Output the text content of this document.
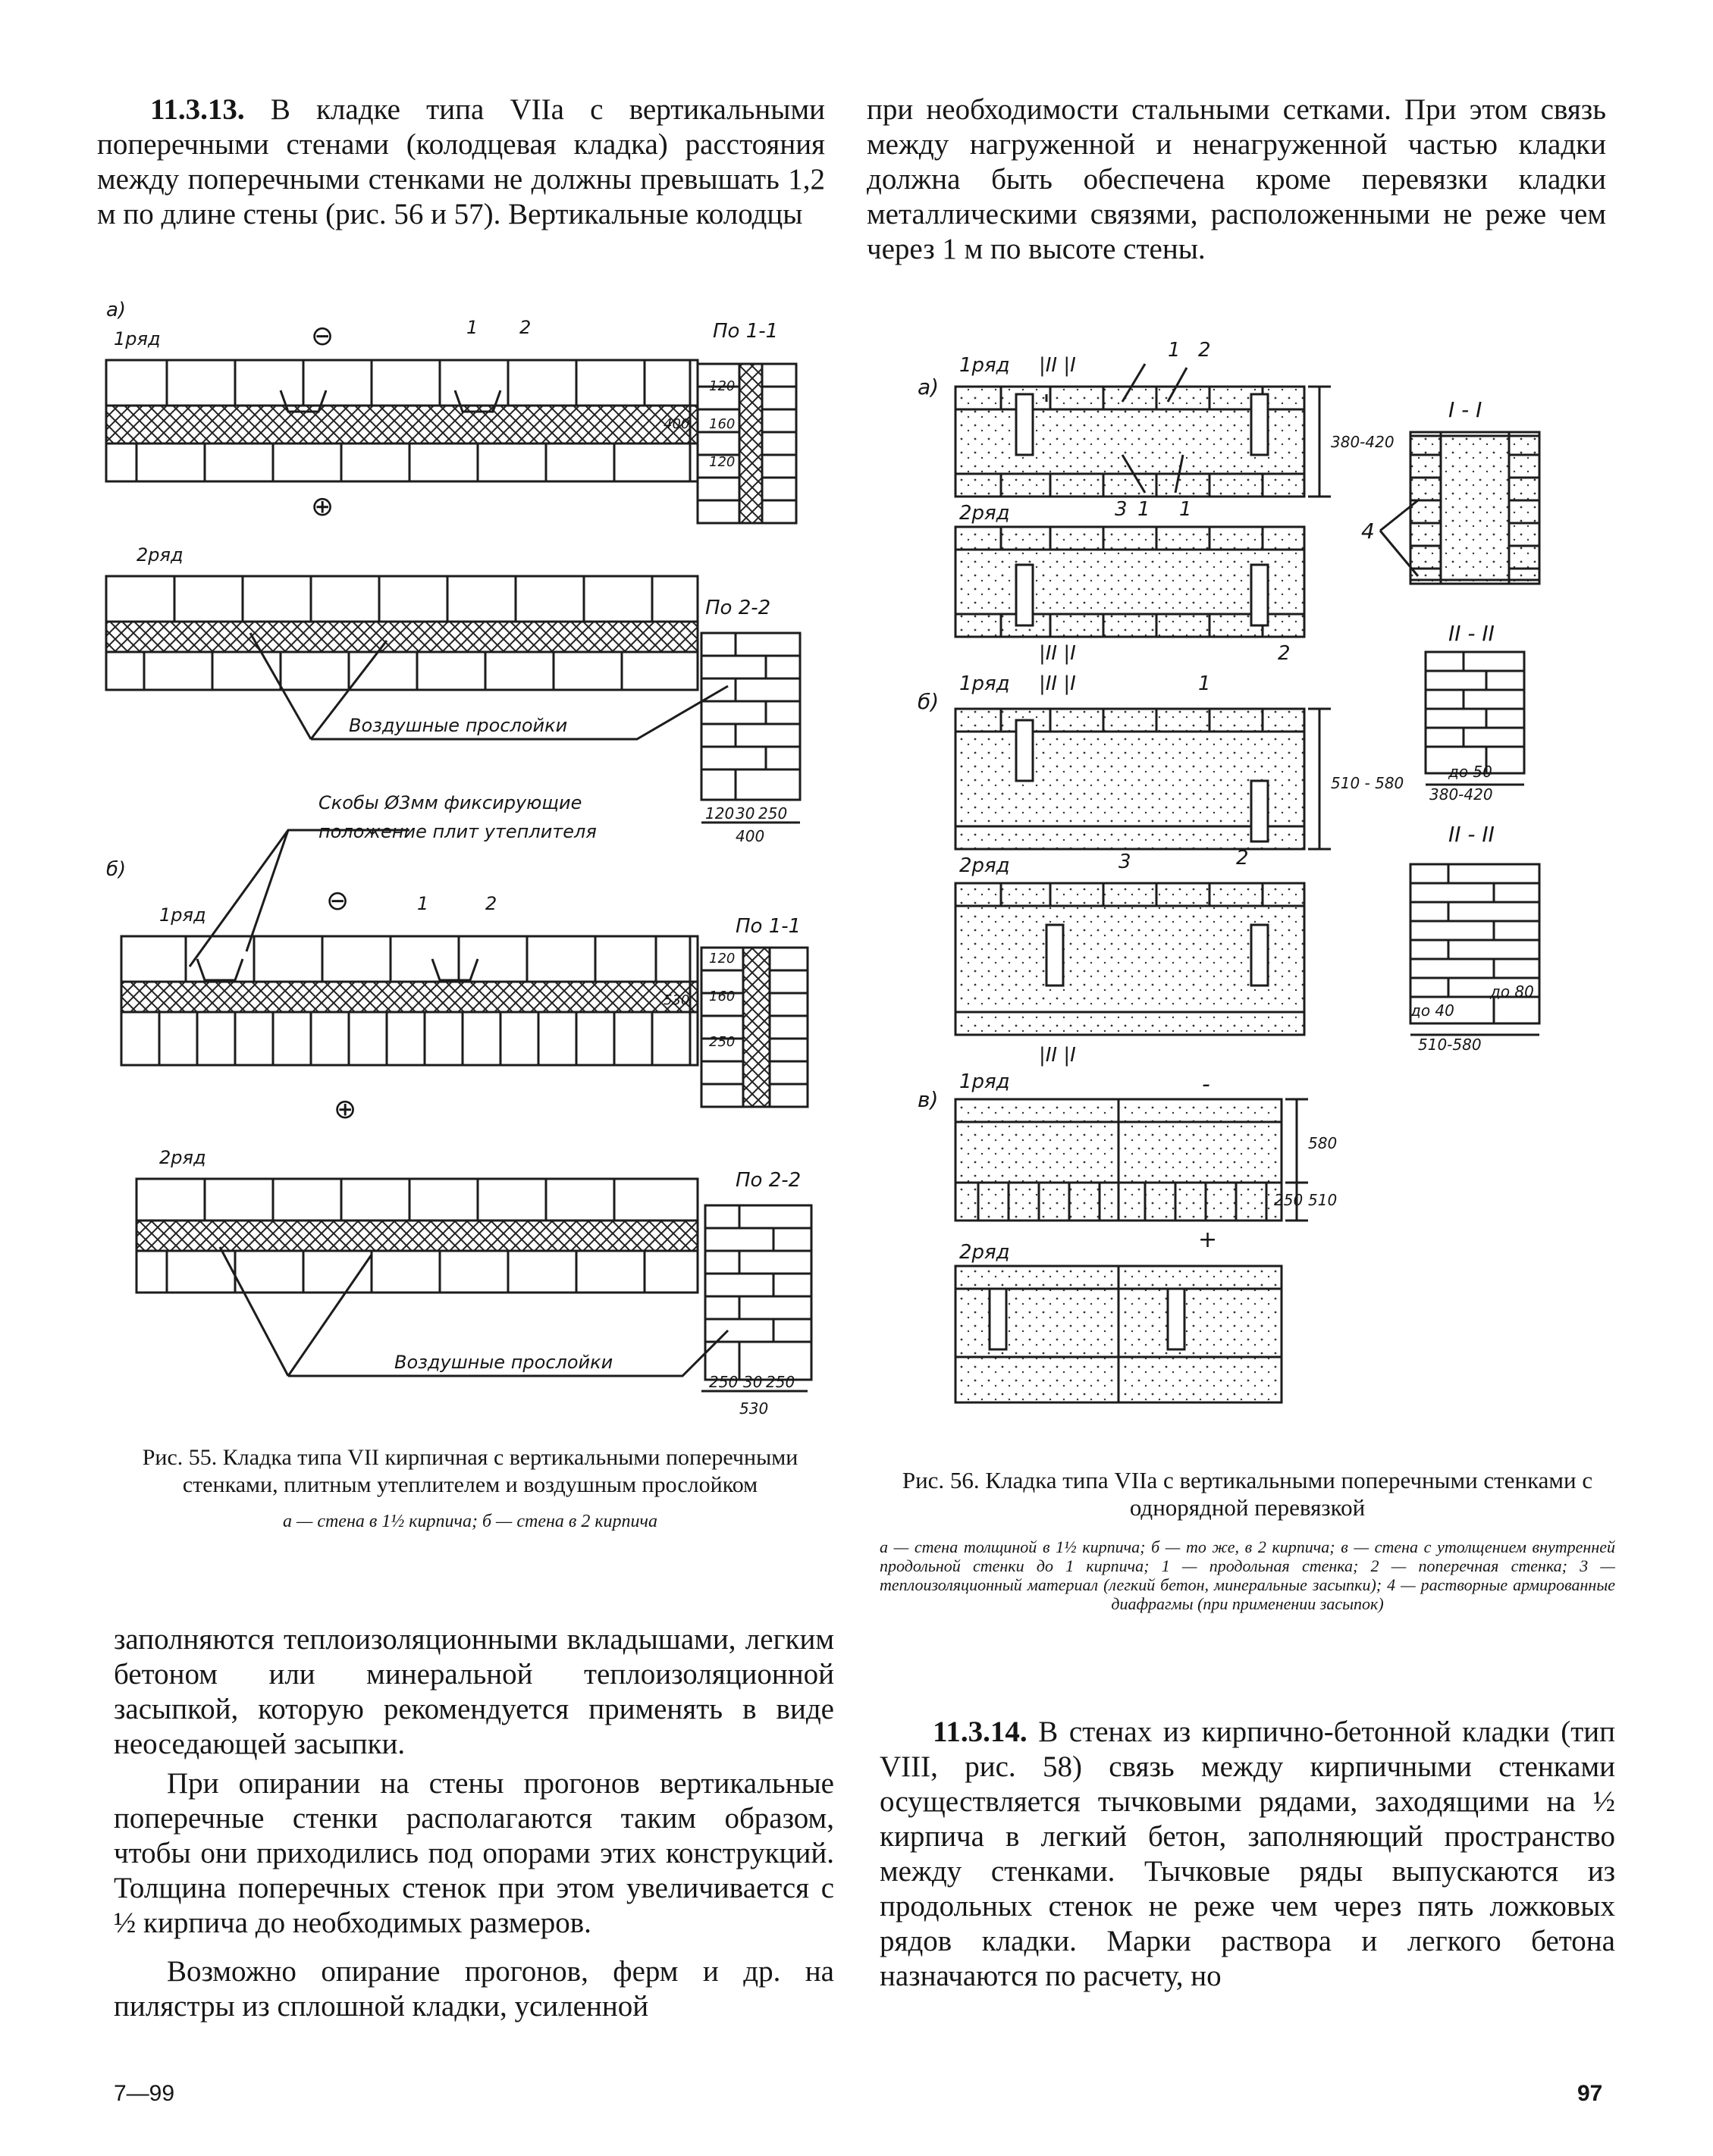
11.3.13. В кладке типа VIIа с вертикальными поперечными стенами (колодцевая кладка) расстояния между поперечными стенками не должны превышать 1,2 м по длине стены (рис. 56 и 57). Вертикальные колодцы

при необходимости стальными сетками. При этом связь между нагруженной и ненагруженной частью кладки должна быть обеспечена кроме перевязки кладки металлическими связями, расположенными не реже чем через 1 м по высоте стены.

а)
1ряд	⊖	1 2	По 1-1
⊕
2ряд
По 2-2
Воздушные прослойки
Скобы Ø3мм фиксирующие
положение плит утеплителя
б)
1ряд	⊖	1	2
По 1-1
⊕
2ряд
По 2-2
Воздушные прослойки
120
160
120
400
120 30 250
400
120
160
250
530
250 30 250
530
Рис. 55. Кладка типа VII кирпичная с вертикальными поперечными стенками, плитным утеплителем и воздушным прослойком
а — стена в 1½ кирпича; б — стена в 2 кирпича
а)
1ряд |II |I
1 2
3 1 1
2ряд
|II |I	2
380-420
б)
1ряд |II |I	1
510 - 580
2ряд	3	2
|II |I
в)
1ряд	-
580
510
250
+
2ряд
I - I
4
II - II
до 50
380-420
II - II
до 80
до 40
510-580
Рис. 56. Кладка типа VIIа с вертикальными поперечными стенками с однорядной перевязкой
а — стена толщиной в 1½ кирпича; б — то же, в 2 кирпича; в — стена с утолщением внутренней продольной стенки до 1 кирпича; 1 — продольная стенка; 2 — поперечная стенка; 3 — теплоизоляционный материал (легкий бетон, минеральные засыпки); 4 — растворные армированные диафрагмы (при применении засыпок)

заполняются теплоизоляционными вкладышами, легким бетоном или минеральной теплоизоляционной засыпкой, которую рекомендуется применять в виде неоседающей засыпки.

При опирании на стены прогонов вертикальные поперечные стенки располагаются таким образом, чтобы они приходились под опорами этих конструкций. Толщина поперечных стенок при этом увеличивается с ½ кирпича до необходимых размеров.

Возможно опирание прогонов, ферм и др. на пилястры из сплошной кладки, усиленной

11.3.14. В стенах из кирпично-бетонной кладки (тип VIII, рис. 58) связь между кирпичными стенками осуществляется тычковыми рядами, заходящими на ½ кирпича в легкий бетон, заполняющий пространство между стенками. Тычковые ряды выпускаются из продольных стенок не реже чем через пять ложковых рядов кладки. Марки раствора и легкого бетона назначаются по расчету, но

7—99	97
